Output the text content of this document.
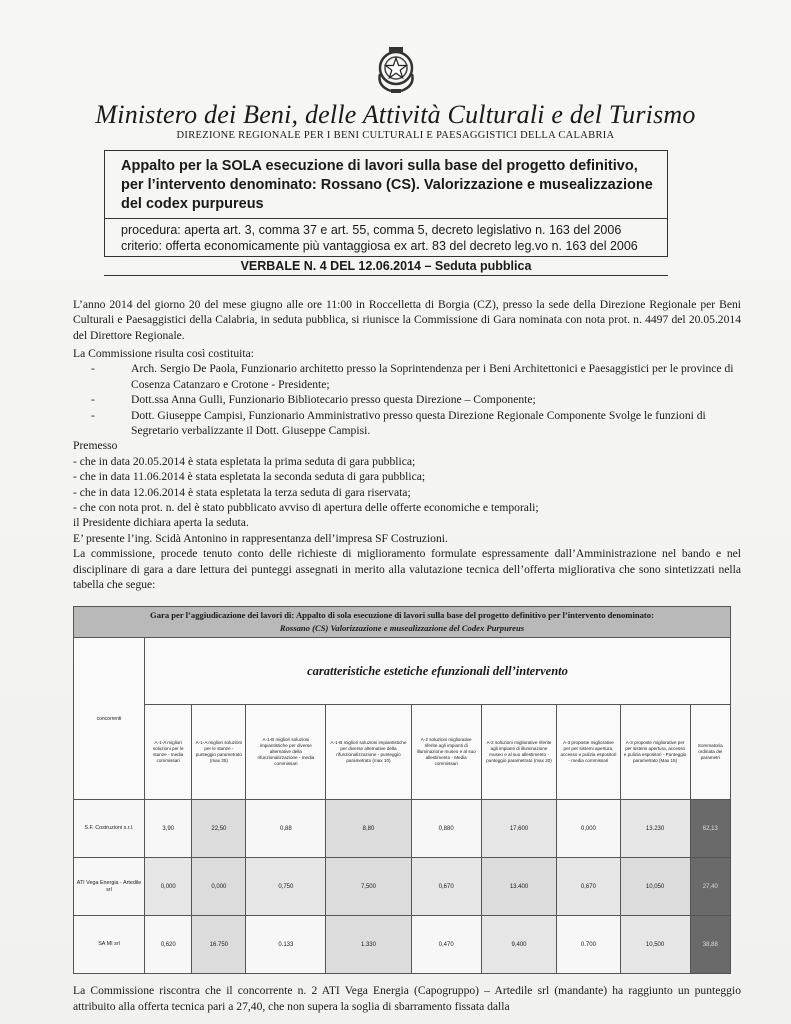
Ministero dei Beni, delle Attività Culturali e del Turismo
DIREZIONE REGIONALE PER I BENI CULTURALI E PAESAGGISTICI DELLA CALABRIA
Appalto per la SOLA esecuzione di lavori sulla base del progetto definitivo, per l’intervento denominato: Rossano (CS). Valorizzazione e musealizzazione del codex purpureus
procedura: aperta art. 3, comma 37 e art. 55, comma 5, decreto legislativo n. 163 del 2006
criterio: offerta economicamente più vantaggiosa ex art. 83 del decreto leg.vo n. 163 del 2006
VERBALE N. 4 DEL 12.06.2014 – Seduta pubblica
L’anno 2014 del giorno 20 del mese giugno alle ore 11:00 in Roccelletta di Borgia (CZ), presso la sede della Direzione Regionale per Beni Culturali e Paesaggistici della Calabria, in seduta pubblica, si riunisce la Commissione di Gara nominata con nota prot. n. 4497 del 20.05.2014 del Direttore Regionale.

La Commissione risulta così costituita:

-	Arch. Sergio De Paola, Funzionario architetto presso la Soprintendenza per i Beni Architettonici e Paesaggistici per le province di Cosenza Catanzaro e Crotone - Presidente;
-	Dott.ssa Anna Gulli, Funzionario Bibliotecario presso questa Direzione – Componente;
-	Dott. Giuseppe Campisi, Funzionario Amministrativo presso questa Direzione Regionale Componente Svolge le funzioni di Segretario verbalizzante il Dott. Giuseppe Campisi.

Premesso

- che in data 20.05.2014 è stata espletata la prima seduta di gara pubblica;

- che in data 11.06.2014 è stata espletata la seconda seduta di gara pubblica;

- che in data 12.06.2014 è stata espletata la terza seduta di gara riservata;

- che con nota prot. n. del è stato pubblicato avviso di apertura delle offerte economiche e temporali;

il Presidente dichiara aperta la seduta.

E’ presente l’ing. Scidà Antonino in rappresentanza dell’impresa SF Costruzioni.

La commissione, procede tenuto conto delle richieste di miglioramento formulate espressamente dall’Amministrazione nel bando e nel disciplinare di gara a dare lettura dei punteggi assegnati in merito alla valutazione tecnica dell’offerta migliorativa che sono sintetizzati nella tabella che segue:

Gara per l’aggiudicazione dei lavori di: Appalto di sola esecuzione di lavori sulla base del progetto definitivo per l’intervento denominato:
Rossano (CS) Valorizzazione e musealizzazione del Codex Purpureus									
concorrenti	caratteristiche estetiche efunzionali dell’intervento								
	A-1-A migliori soluzioni per le stanze - media commissari	A-1-A migliori soluzioni per le stanze - punteggio parametrato (max 25)	A-1-B migliori soluzioni impiantistiche per diverse alternative della rifunzionalizzazione - media commissari	A-1-B migliori soluzioni impiantistiche per diverse alternative della rifunzionalizzazione - punteggio parametrato (max 10)	A-2 soluzioni migliorative riferite agli impianti di illuminazione museo e al suo allestimento - Media commissari	A-2 soluzioni migliorative riferite agli impianti di illuminazione museo e al suo allestimento - punteggio parametrato (max 20)	A-3 proposte migliorative per per sistemi apertura, accesso e pulizia espositori - media commissari	A-3 proposte migliorative per per sistemi apertura, accesso e pulizia espositori - Punteggio parametrato (Max 15)	Sommatoria ordinata dei parametri
S.F. Costruzioni s.r.l.	3,90	22,50	0,88	8,80	0,880	17,600	0,000	13.230	62,13
ATI Vega Energia - Artedile srl	0,000	0,000	0,750	7,500	0,670	13.400	0,670	10,050	27,40
SA MI srl	0,620	16.750	0.133	1.330	0,470	9,400	0.700	10,500	38,88
La Commissione riscontra che il concorrente n. 2 ATI Vega Energia (Capogruppo) – Artedile srl (mandante) ha raggiunto un punteggio attribuito alla offerta tecnica pari a 27,40, che non supera la soglia di sbarramento fissata dalla
